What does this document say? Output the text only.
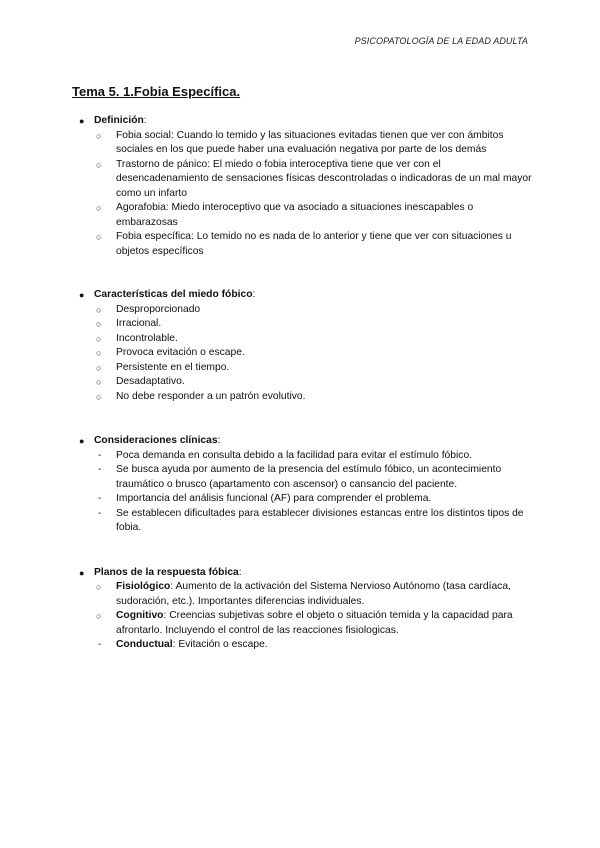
PSICOPATOLOGÍA DE LA EDAD ADULTA
Tema 5. 1.Fobia Específica.
● Definición:
○ Fobia social: Cuando lo temido y las situaciones evitadas tienen que ver con ámbitos sociales en los que puede haber una evaluación negativa por parte de los demás
○ Trastorno de pánico: El miedo o fobia interoceptiva tiene que ver con el desencadenamiento de sensaciones físicas descontroladas o indicadoras de un mal mayor como un infarto
○ Agorafobia: Miedo interoceptivo que va asociado a situaciones inescapables o embarazosas
○ Fobia específica: Lo temido no es nada de lo anterior y tiene que ver con situaciones u objetos específicos
● Características del miedo fóbico:
○ Desproporcionado
○ Irracional.
○ Incontrolable.
○ Provoca evitación o escape.
○ Persistente en el tiempo.
○ Desadaptativo.
○ No debe responder a un patrón evolutivo.
● Consideraciones clínicas:
- Poca demanda en consulta debido a la facilidad para evitar el estímulo fóbico.
- Se busca ayuda por aumento de la presencia del estímulo fóbico, un acontecimiento traumático o brusco (apartamento con ascensor) o cansancio del paciente.
- Importancia del análisis funcional (AF) para comprender el problema.
- Se establecen dificultades para establecer divisiones estancas entre los distintos tipos de fobia.
● Planos de la respuesta fóbica:
○ Fisiológico: Aumento de la activación del Sistema Nervioso Autónomo (tasa cardíaca, sudoración, etc.). Importantes diferencias individuales.
○ Cognitivo: Creencias subjetivas sobre el objeto o situación temida y la capacidad para afrontarlo. Incluyendo el control de las reacciones fisiologicas.
- Conductual: Evitación o escape.
